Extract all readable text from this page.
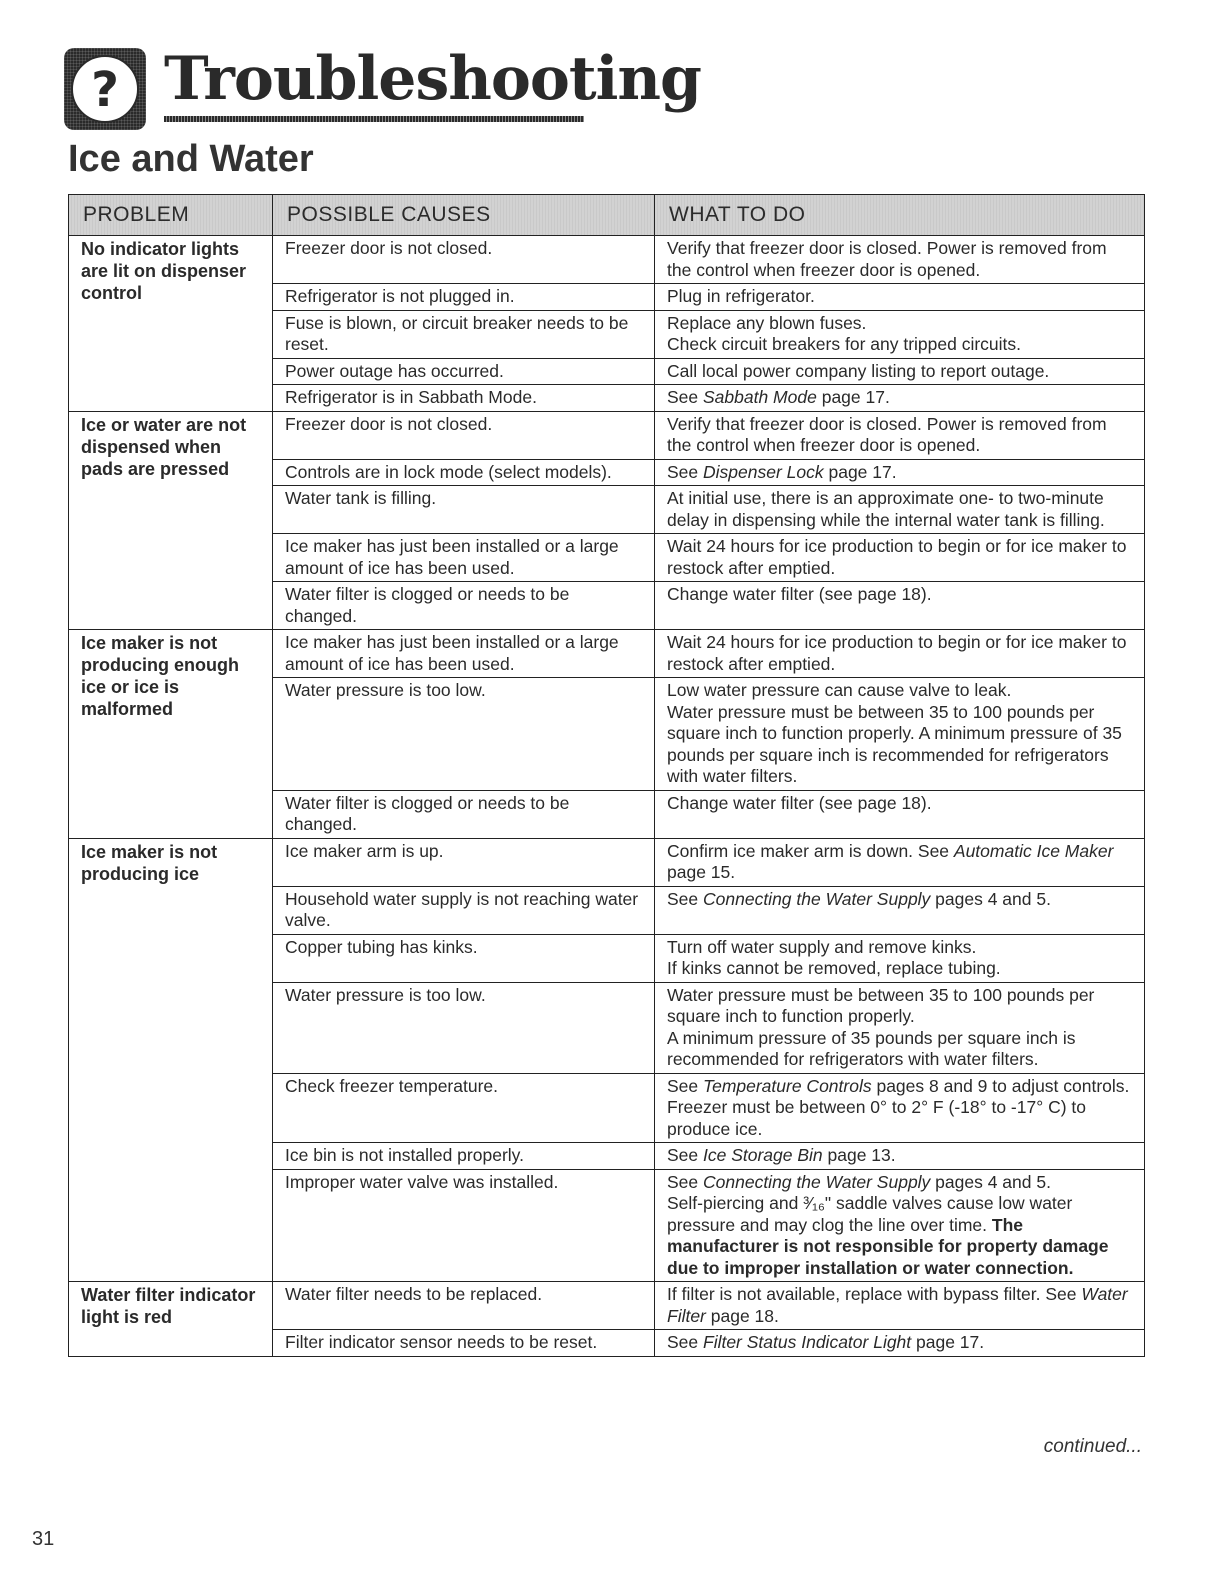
? Troubleshooting
Ice and Water
PROBLEM	POSSIBLE CAUSES	WHAT TO DO
No indicator lights are lit on dispenser control	Freezer door is not closed.	Verify that freezer door is closed. Power is removed from the control when freezer door is opened.
	Refrigerator is not plugged in.	Plug in refrigerator.
	Fuse is blown, or circuit breaker needs to be reset.	Replace any blown fuses.
Check circuit breakers for any tripped circuits.

	Power outage has occurred.	Call local power company listing to report outage.
	Refrigerator is in Sabbath Mode.	See Sabbath Mode page 17.
Ice or water are not dispensed when pads are pressed	Freezer door is not closed.	Verify that freezer door is closed. Power is removed from the control when freezer door is opened.
	Controls are in lock mode (select models).	See Dispenser Lock page 17.
	Water tank is filling.	At initial use, there is an approximate one- to two-minute delay in dispensing while the internal water tank is filling.
	Ice maker has just been installed or a large amount of ice has been used.	Wait 24 hours for ice production to begin or for ice maker to restock after emptied.
	Water filter is clogged or needs to be changed.	Change water filter (see page 18).
Ice maker is not producing enough ice or ice is malformed	Ice maker has just been installed or a large amount of ice has been used.	Wait 24 hours for ice production to begin or for ice maker to restock after emptied.
	Water pressure is too low.	Low water pressure can cause valve to leak.
Water pressure must be between 35 to 100 pounds per square inch to function properly. A minimum pressure of 35 pounds per square inch is recommended for refrigerators with water filters.

	Water filter is clogged or needs to be changed.	Change water filter (see page 18).
Ice maker is not producing ice	Ice maker arm is up.	Confirm ice maker arm is down. See Automatic Ice Maker page 15.
	Household water supply is not reaching water valve.	See Connecting the Water Supply pages 4 and 5.
	Copper tubing has kinks.	Turn off water supply and remove kinks.
If kinks cannot be removed, replace tubing.

	Water pressure is too low.	Water pressure must be between 35 to 100 pounds per square inch to function properly.
A minimum pressure of 35 pounds per square inch is recommended for refrigerators with water filters.

	Check freezer temperature.	See Temperature Controls pages 8 and 9 to adjust controls. Freezer must be between 0° to 2° F (-18° to -17° C) to produce ice.
	Ice bin is not installed properly.	See Ice Storage Bin page 13.
	Improper water valve was installed.	See Connecting the Water Supply pages 4 and 5.
Self-piercing and ³⁄₁₆" saddle valves cause low water pressure and may clog the line over time. The manufacturer is not responsible for property damage due to improper installation or water connection.

Water filter indicator light is red	Water filter needs to be replaced.	If filter is not available, replace with bypass filter. See Water Filter page 18.
	Filter indicator sensor needs to be reset.	See Filter Status Indicator Light page 17.
continued...
31
